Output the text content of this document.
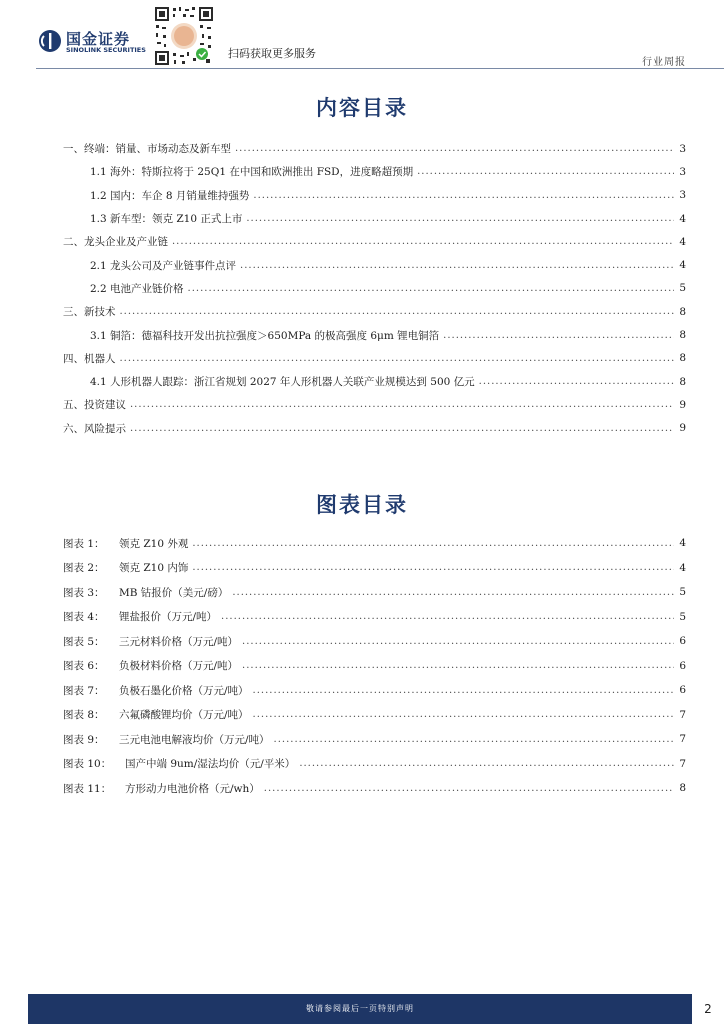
国金证券
SINOLINK SECURITIES	扫码获取更多服务
行业周报
内容目录
一、终端：销量、市场动态及新车型 .....	3
1.1 海外：特斯拉将于 25Q1 在中国和欧洲推出 FSD，进度略超预期 .....	3
1.2 国内：车企 8 月销量维持强势 .....	3
1.3 新车型：领克 Z10 正式上市 .....	4
二、龙头企业及产业链 .....	4
2.1 龙头公司及产业链事件点评 .....	4
2.2 电池产业链价格 .....	5
三、新技术 .....	8
3.1 铜箔：德福科技开发出抗拉强度＞650MPa 的极高强度 6μm 锂电铜箔 .....	8
四、机器人 .....	8
4.1 人形机器人跟踪：浙江省规划 2027 年人形机器人关联产业规模达到 500 亿元 .....	8
五、投资建议 .....	9
六、风险提示 .....	9
图表目录
图表 1：	领克 Z10 外观 .....	4
图表 2：	领克 Z10 内饰 .....	4
图表 3：	MB 钴报价（美元/磅） .....	5
图表 4：	锂盐报价（万元/吨） .....	5
图表 5：	三元材料价格（万元/吨） .....	6
图表 6：	负极材料价格（万元/吨） .....	6
图表 7：	负极石墨化价格（万元/吨） .....	6
图表 8：	六氟磷酸锂均价（万元/吨） .....	7
图表 9：	三元电池电解液均价（万元/吨） .....	7
图表 10：	国产中端 9um/湿法均价（元/平米） .....	7
图表 11：	方形动力电池价格（元/wh） .....	8
敬请参阅最后一页特别声明	2
